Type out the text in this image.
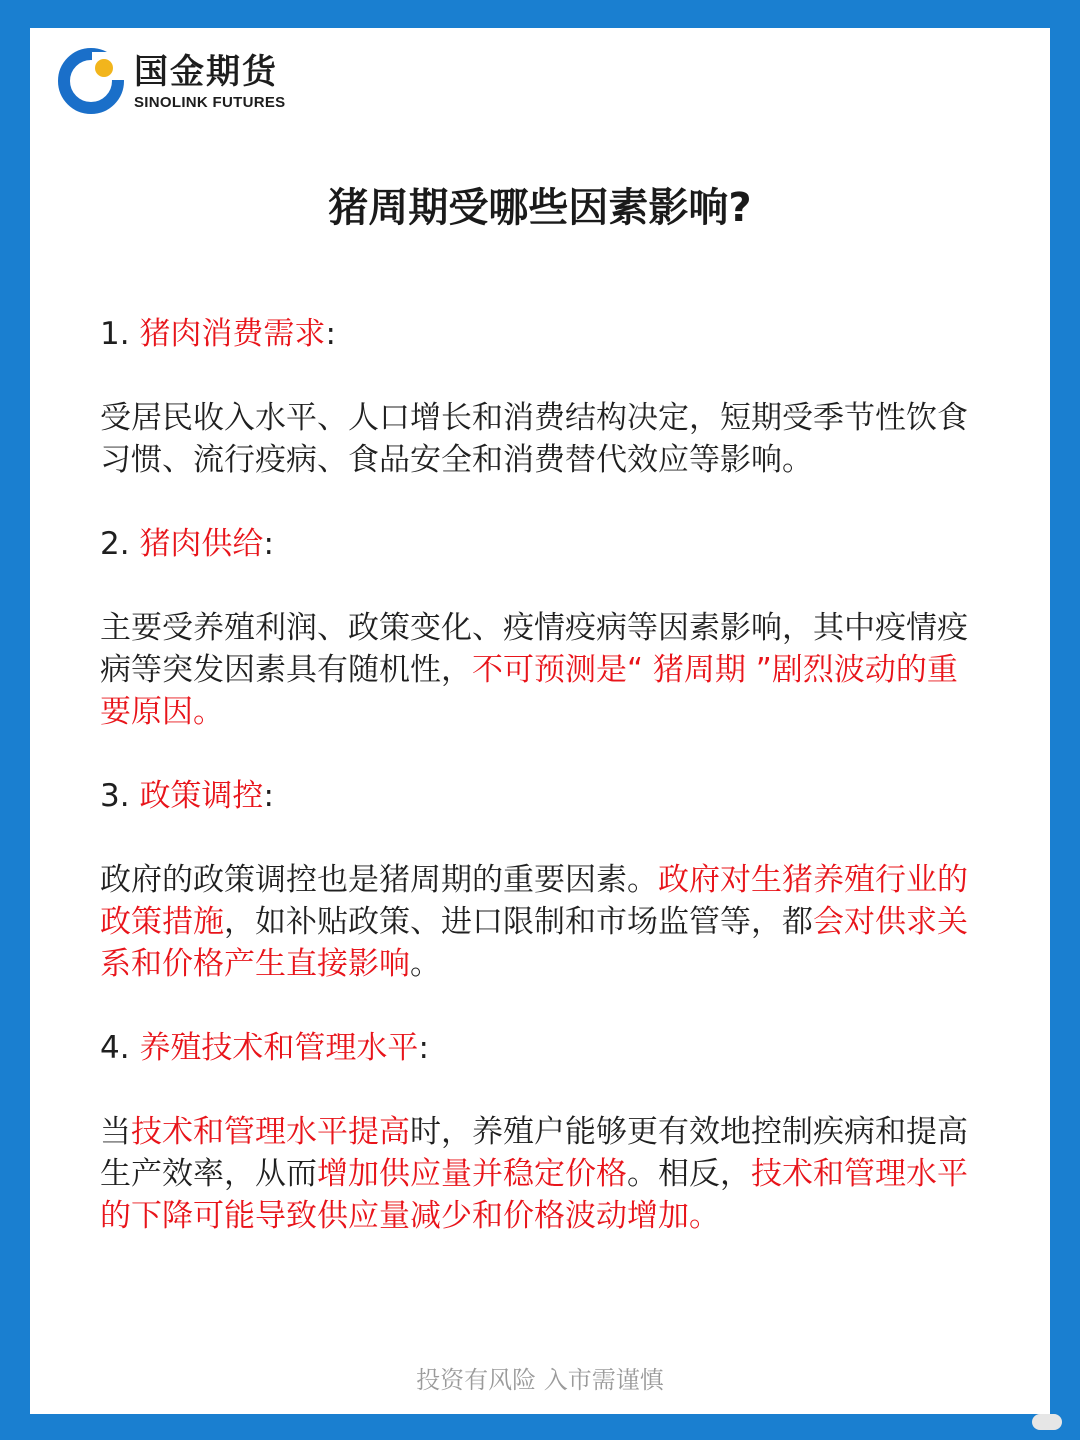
国金期货
SINOLINK FUTURES
猪周期受哪些因素影响?

1. 猪肉消费需求:

受居民收入水平、人口增长和消费结构决定，短期受季节性饮食习惯、流行疫病、食品安全和消费替代效应等影响。

2. 猪肉供给:

主要受养殖利润、政策变化、疫情疫病等因素影响，其中疫情疫病等突发因素具有随机性，不可预测是“ 猪周期 ”剧烈波动的重要原因。

3. 政策调控:

政府的政策调控也是猪周期的重要因素。政府对生猪养殖行业的政策措施，如补贴政策、进口限制和市场监管等，都会对供求关系和价格产生直接影响。

4. 养殖技术和管理水平:

当技术和管理水平提高时，养殖户能够更有效地控制疾病和提高生产效率，从而增加供应量并稳定价格。相反，技术和管理水平的下降可能导致供应量减少和价格波动增加。

投资有风险 入市需谨慎
